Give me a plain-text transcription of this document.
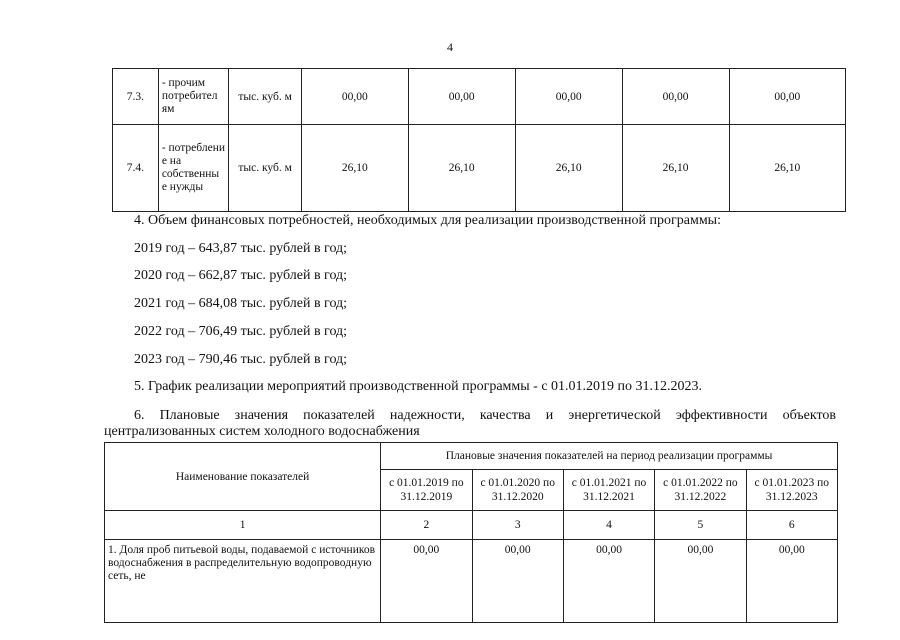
4
7.3.	- прочим потребител ям	тыс. куб. м	00,00	00,00	00,00	00,00	00,00
7.4.	- потреблени е на собственны е нужды	тыс. куб. м	26,10	26,10	26,10	26,10	26,10
4. Объем финансовых потребностей, необходимых для реализации производственной программы:
2019 год – 643,87 тыс. рублей в год;
2020 год – 662,87 тыс. рублей в год;
2021 год – 684,08 тыс. рублей в год;
2022 год – 706,49 тыс. рублей в год;
2023 год – 790,46 тыс. рублей в год;
5. График реализации мероприятий производственной программы - с 01.01.2019 по 31.12.2023.
6. Плановые значения показателей надежности, качества и энергетической эффективности объектов
централизованных систем холодного водоснабжения
Наименование показателей	Плановые значения показателей на период реализации программы				
	с 01.01.2019 по 31.12.2019	с 01.01.2020 по 31.12.2020	с 01.01.2021 по 31.12.2021	с 01.01.2022 по 31.12.2022	с 01.01.2023 по 31.12.2023
1	2	3	4	5	6
1. Доля проб питьевой воды, подаваемой с источников водоснабжения в распределительную водопроводную сеть, не	00,00	00,00	00,00	00,00	00,00
